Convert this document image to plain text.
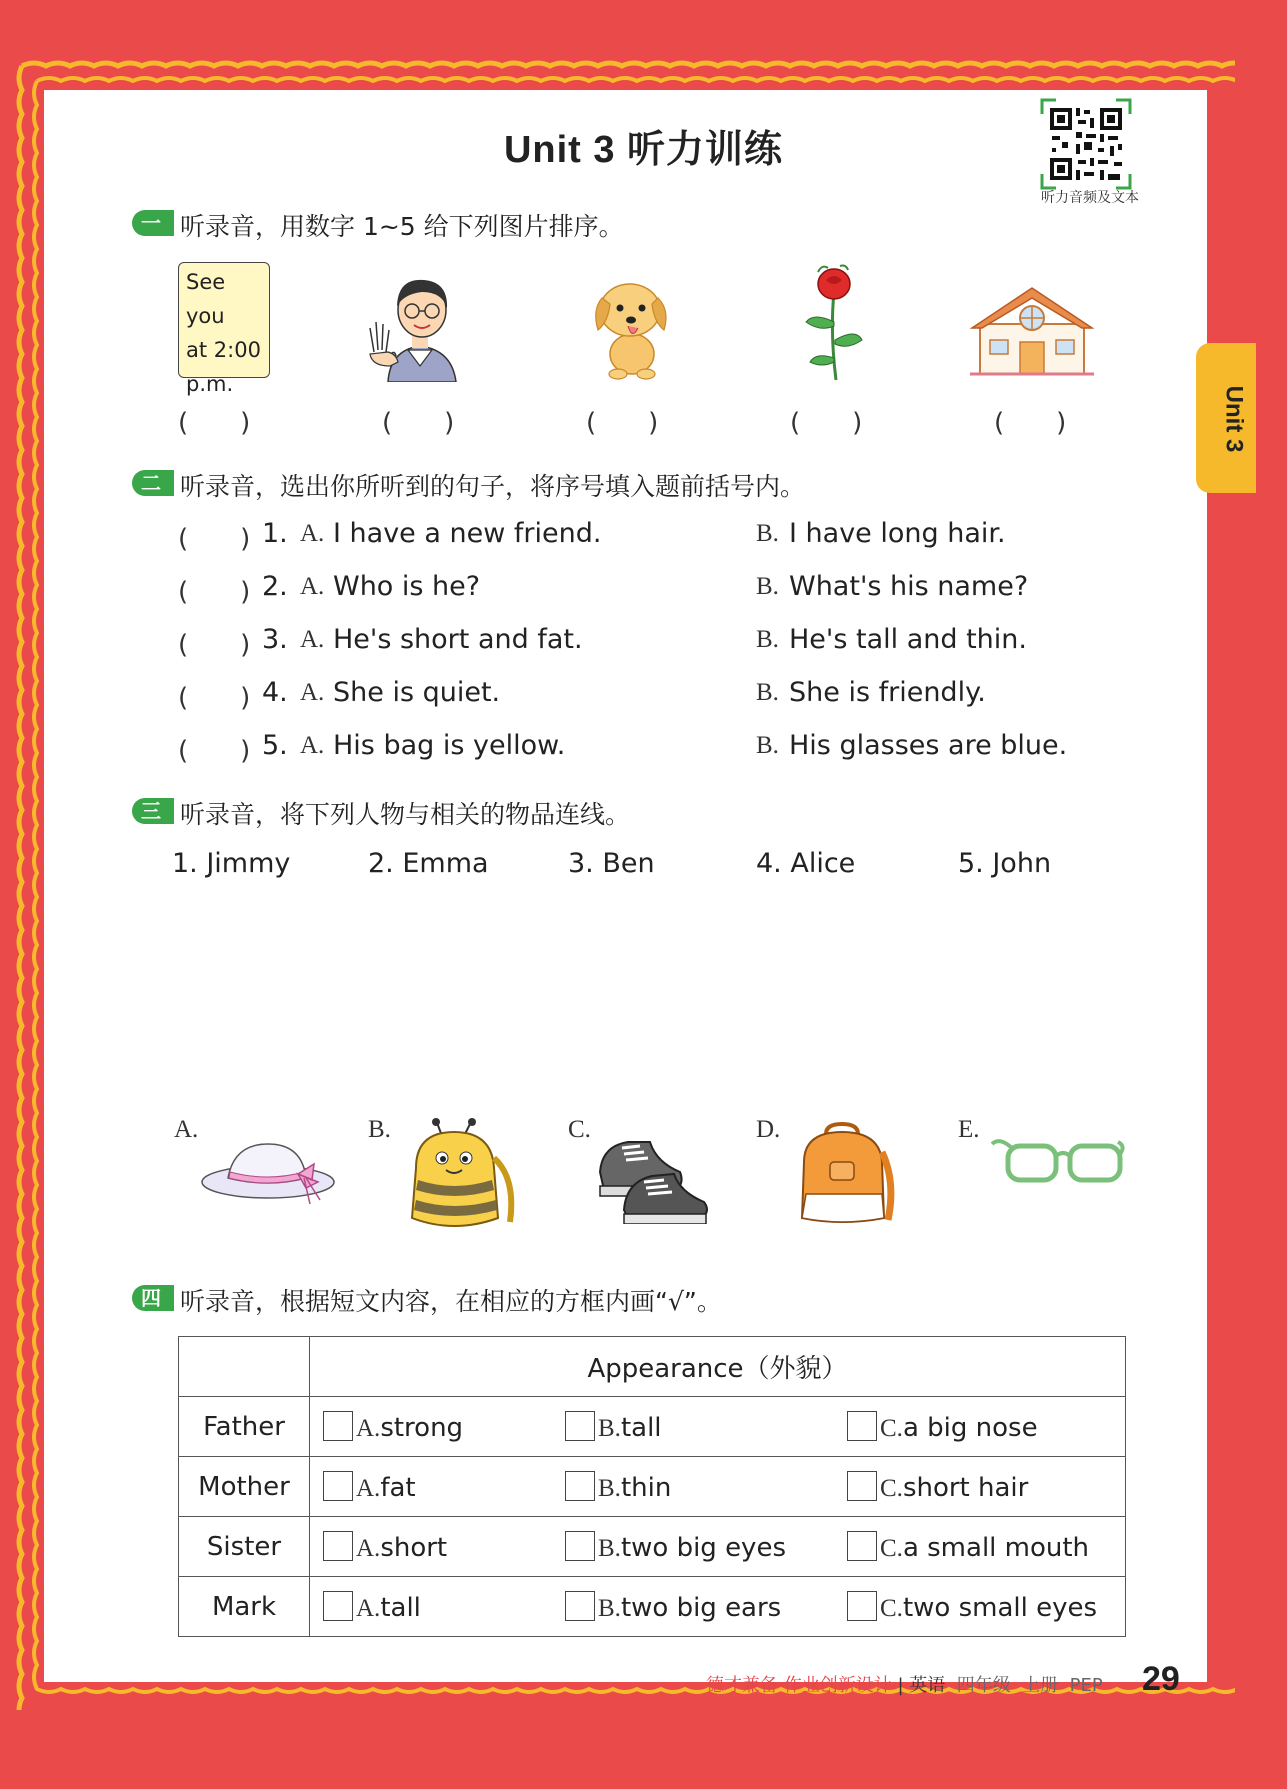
Unit 3
Unit 3 听力训练
听力音频及文本
一 听录音，用数字 1~5 给下列图片排序。
See you
at 2:00
p.m.
(　　)	(　　)	(　　)	(　　)	(　　)
二 听录音，选出你所听到的句子，将序号填入题前括号内。
(　　) 1. A. I have a new friend.	B. I have long hair.
(　　) 2. A. Who is he?	B. What's his name?
(　　) 3. A. He's short and fat.	B. He's tall and thin.
(　　) 4. A. She is quiet.	B. She is friendly.
(　　) 5. A. His bag is yellow.	B. His glasses are blue.
三 听录音，将下列人物与相关的物品连线。
1. Jimmy	2. Emma	3. Ben	4. Alice	5. John
A.	B.	C.	D.	E.
四 听录音，根据短文内容，在相应的方框内画“√”。
	Appearance（外貌）
Father	A.strong B.tall C.a big nose

Mother	A.fat B.thin C.short hair

Sister	A.short B.two big eyes C.a small mouth

Mark	A.tall B.two big ears C.two small eyes
德才兼备·作业创新设计 | 英语 四年级 上册 PEP 29
